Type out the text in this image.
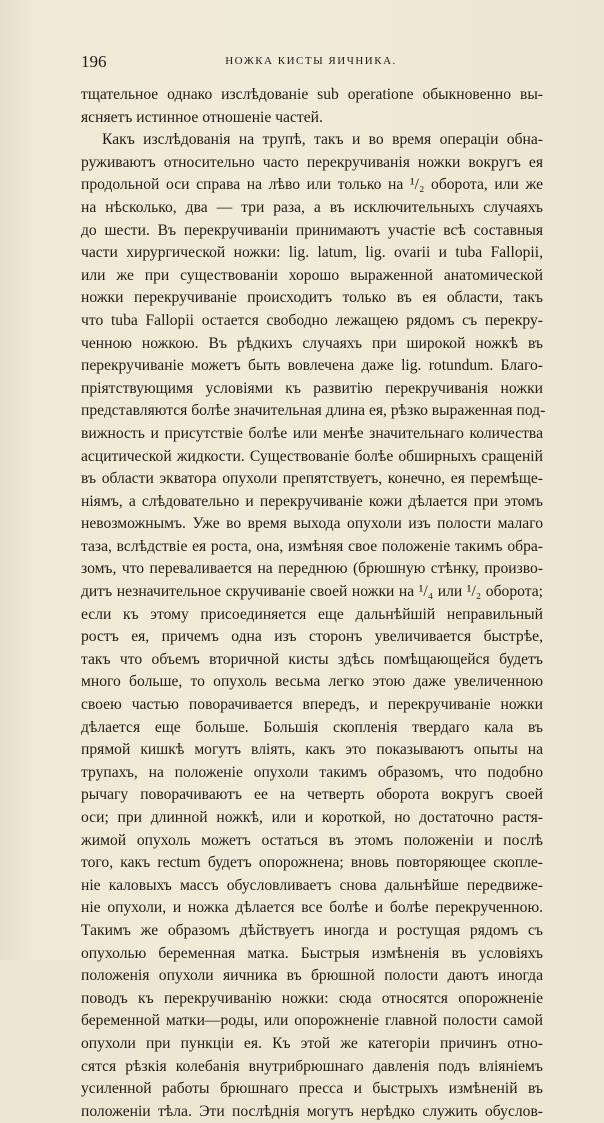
196	НОЖКА КИСТЫ ЯИЧНИКА.
тщательное однако изслѣдованіе sub operatione обыкновенно вы-
ясняетъ истинное отношеніе частей.
Какъ изслѣдованія на трупѣ, такъ и во время операціи обна-
руживаютъ относительно часто перекручиванія ножки вокругъ ея
продольной оси справа на лѣво или только на ¹/₂ оборота, или же
на нѣсколько, два — три раза, а въ исключительныхъ случаяхъ
до шести. Въ перекручиваніи принимаютъ участіе всѣ составныя
части хирургической ножки: lig. latum, lig. ovarii и tuba Fallopii,
или же при существованіи хорошо выраженной анатомической
ножки перекручиваніе происходитъ только въ ея области, такъ
что tuba Fallopii остается свободно лежащею рядомъ съ перекру-
ченною ножкою. Въ рѣдкихъ случаяхъ при широкой ножкѣ въ
перекручиваніе можетъ быть вовлечена даже lig. rotundum. Благо-
пріятствующимя условіями къ развитію перекручиванія ножки
представляются болѣе значительная длина ея, рѣзко выраженная под-
вижность и присутствіе болѣе или менѣе значительнаго количества
асцитической жидкости. Существованіе болѣе обширныхъ сращеній
въ области экватора опухоли препятствуетъ, конечно, ея перемѣще-
ніямъ, а слѣдовательно и перекручиваніе кожи дѣлается при этомъ
невозможнымъ. Уже во время выхода опухоли изъ полости малаго
таза, вслѣдствіе ея роста, она, измѣняя свое положеніе такимъ обра-
зомъ, что переваливается на переднюю (брюшную стѣнку, произво-
дитъ незначительное скручиваніе своей ножки на ¹/₄ или ¹/₂ оборота;
если къ этому присоединяется еще дальнѣйшій неправильный
ростъ ея, причемъ одна изъ сторонъ увеличивается быстрѣе,
такъ что объемъ вторичной кисты здѣсь помѣщающейся будетъ
много больше, то опухоль весьма легко этою даже увеличенною
своею частью поворачивается впередъ, и перекручиваніе ножки
дѣлается еще больше. Большія скопленія твердаго кала въ
прямой кишкѣ могутъ вліять, какъ это показываютъ опыты на
трупахъ, на положеніе опухоли такимъ образомъ, что подобно
рычагу поворачиваютъ ее на четверть оборота вокругъ своей
оси; при длинной ножкѣ, или и короткой, но достаточно растя-
жимой опухоль можетъ остаться въ этомъ положеніи и послѣ
того, какъ rectum будетъ опорожнена; вновь повторяющее скопле-
ніе каловыхъ массъ обусловливаетъ снова дальнѣйше передвиже-
ніе опухоли, и ножка дѣлается все болѣе и болѣе перекрученною.
Такимъ же образомъ дѣйствуетъ иногда и ростущая рядомъ съ
опухолью беременная матка. Быстрыя измѣненія въ условіяхъ
положенія опухоли яичника въ брюшной полости даютъ иногда
поводъ къ перекручиванію ножки: сюда относятся опорожненіе
беременной матки—роды, или опорожненіе главной полости самой
опухоли при пункціи ея. Къ этой же категоріи причинъ отно-
сятся рѣзкія колебанія внутрибрюшнаго давленія подъ вліяніемъ
усиленной работы брюшнаго пресса и быстрыхъ измѣненій въ
положеніи тѣла. Эти послѣднія могутъ нерѣдко служить обуслов-
